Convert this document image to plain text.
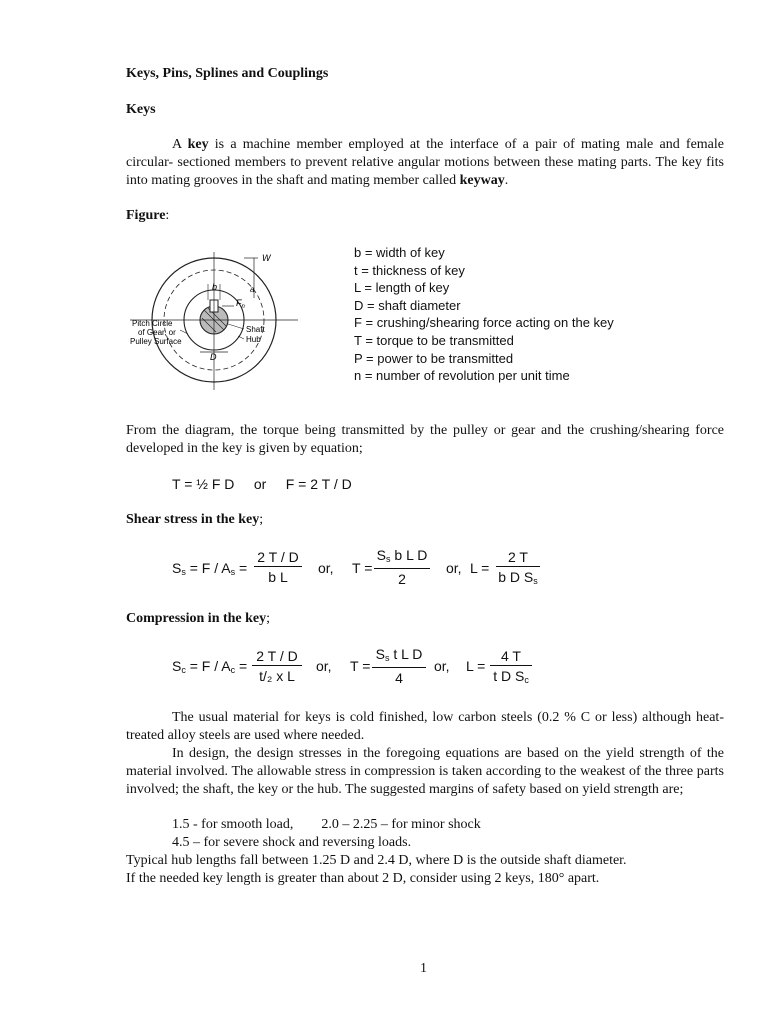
Keys, Pins, Splines and Couplings
Keys
A key is a machine member employed at the interface of a pair of mating male and female circular- sectioned members to prevent relative angular motions between these mating parts. The key fits into mating grooves in the shaft and mating member called keyway.
Figure:
W
b	a
$F_n$
Pitch Circle
of Gear, or
Pulley Surface
Shaft
Hub
D
b = width of key
t = thickness of key
L = length of key
D = shaft diameter
F = crushing/shearing force acting on the key
T = torque to be transmitted
P = power to be transmitted
n = number of revolution per unit time
From the diagram, the torque being transmitted by the pulley or gear and the crushing/shearing force developed in the key is given by equation;
T = ½ F D     or     F = 2 T / D
Shear stress in the key;
$S_s = F / A_s = \frac{2 T / D}{\text{b L}}$ or, $T = \frac{S_s b L D}{2}$ or, $L = \frac{2 T}{b D S_s}$
Compression in the key;
$S_c = F / A_c = \frac{2 T / D}{\text{t/₂ x L}}$ or, $T = \frac{S_s t L D}{4}$ or, $L = \frac{4 T}{t D S_c}$
The usual material for keys is cold finished, low carbon steels (0.2 % C or less) although heat-treated alloy steels are used where needed.
In design, the design stresses in the foregoing equations are based on the yield strength of the material involved. The allowable stress in compression is taken according to the weakest of the three parts involved; the shaft, the key or the hub. The suggested margins of safety based on yield strength are;
1.5 - for smooth load,        2.0 – 2.25 – for minor shock
4.5 – for severe shock and reversing loads.
Typical hub lengths fall between 1.25 D and 2.4 D, where D is the outside shaft diameter.
If the needed key length is greater than about 2 D, consider using 2 keys, 180° apart.
1
